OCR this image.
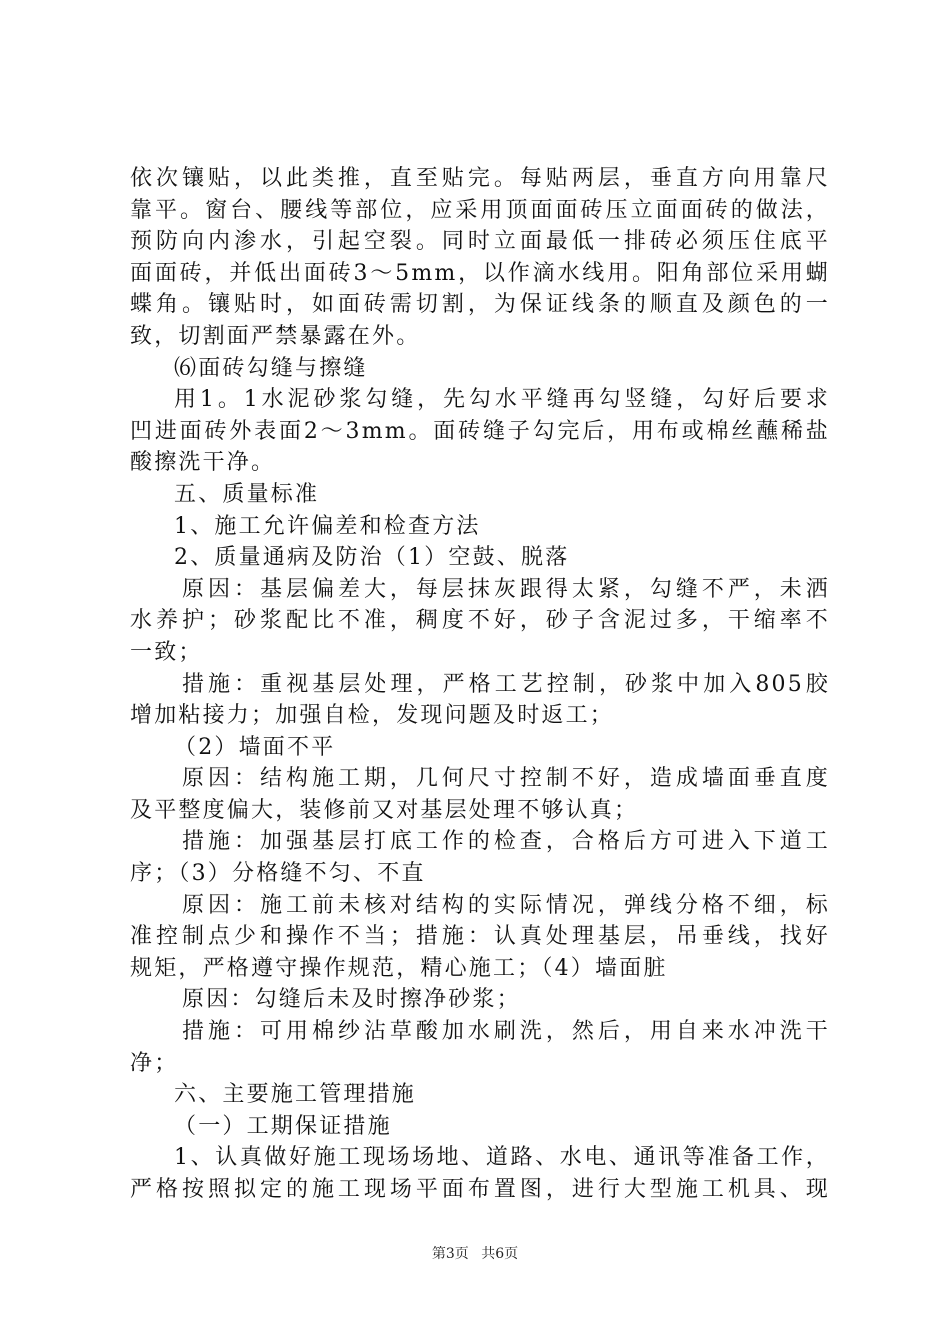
依次镶贴，以此类推，直至贴完。每贴两层，垂直方向用靠尺
靠平。窗台、腰线等部位，应采用顶面面砖压立面面砖的做法，
预防向内渗水，引起空裂。同时立面最低一排砖必须压住底平
面面砖，并低出面砖3～5mm，以作滴水线用。阳角部位采用蝴
蝶角。镶贴时，如面砖需切割，为保证线条的顺直及颜色的一
致，切割面严禁暴露在外。
⑹面砖勾缝与擦缝
用1。1水泥砂浆勾缝，先勾水平缝再勾竖缝，勾好后要求
凹进面砖外表面2～3mm。面砖缝子勾完后，用布或棉丝蘸稀盐
酸擦洗干净。
五、质量标准
1、施工允许偏差和检查方法
2、质量通病及防治（1）空鼓、脱落
原因：基层偏差大，每层抹灰跟得太紧，勾缝不严，未洒
水养护；砂浆配比不准，稠度不好，砂子含泥过多，干缩率不
一致；
措施：重视基层处理，严格工艺控制，砂浆中加入805胶
增加粘接力；加强自检，发现问题及时返工；
（2）墙面不平
原因：结构施工期，几何尺寸控制不好，造成墙面垂直度
及平整度偏大，装修前又对基层处理不够认真；
措施：加强基层打底工作的检查，合格后方可进入下道工
序；（3）分格缝不匀、不直
原因：施工前未核对结构的实际情况，弹线分格不细，标
准控制点少和操作不当；措施：认真处理基层，吊垂线，找好
规矩，严格遵守操作规范，精心施工；（4）墙面脏
原因：勾缝后未及时擦净砂浆；
措施：可用棉纱沾草酸加水刷洗，然后，用自来水冲洗干
净；
六、主要施工管理措施
（一）工期保证措施
1、认真做好施工现场场地、道路、水电、通讯等准备工作，
严格按照拟定的施工现场平面布置图，进行大型施工机具、现
第3页 共6页
